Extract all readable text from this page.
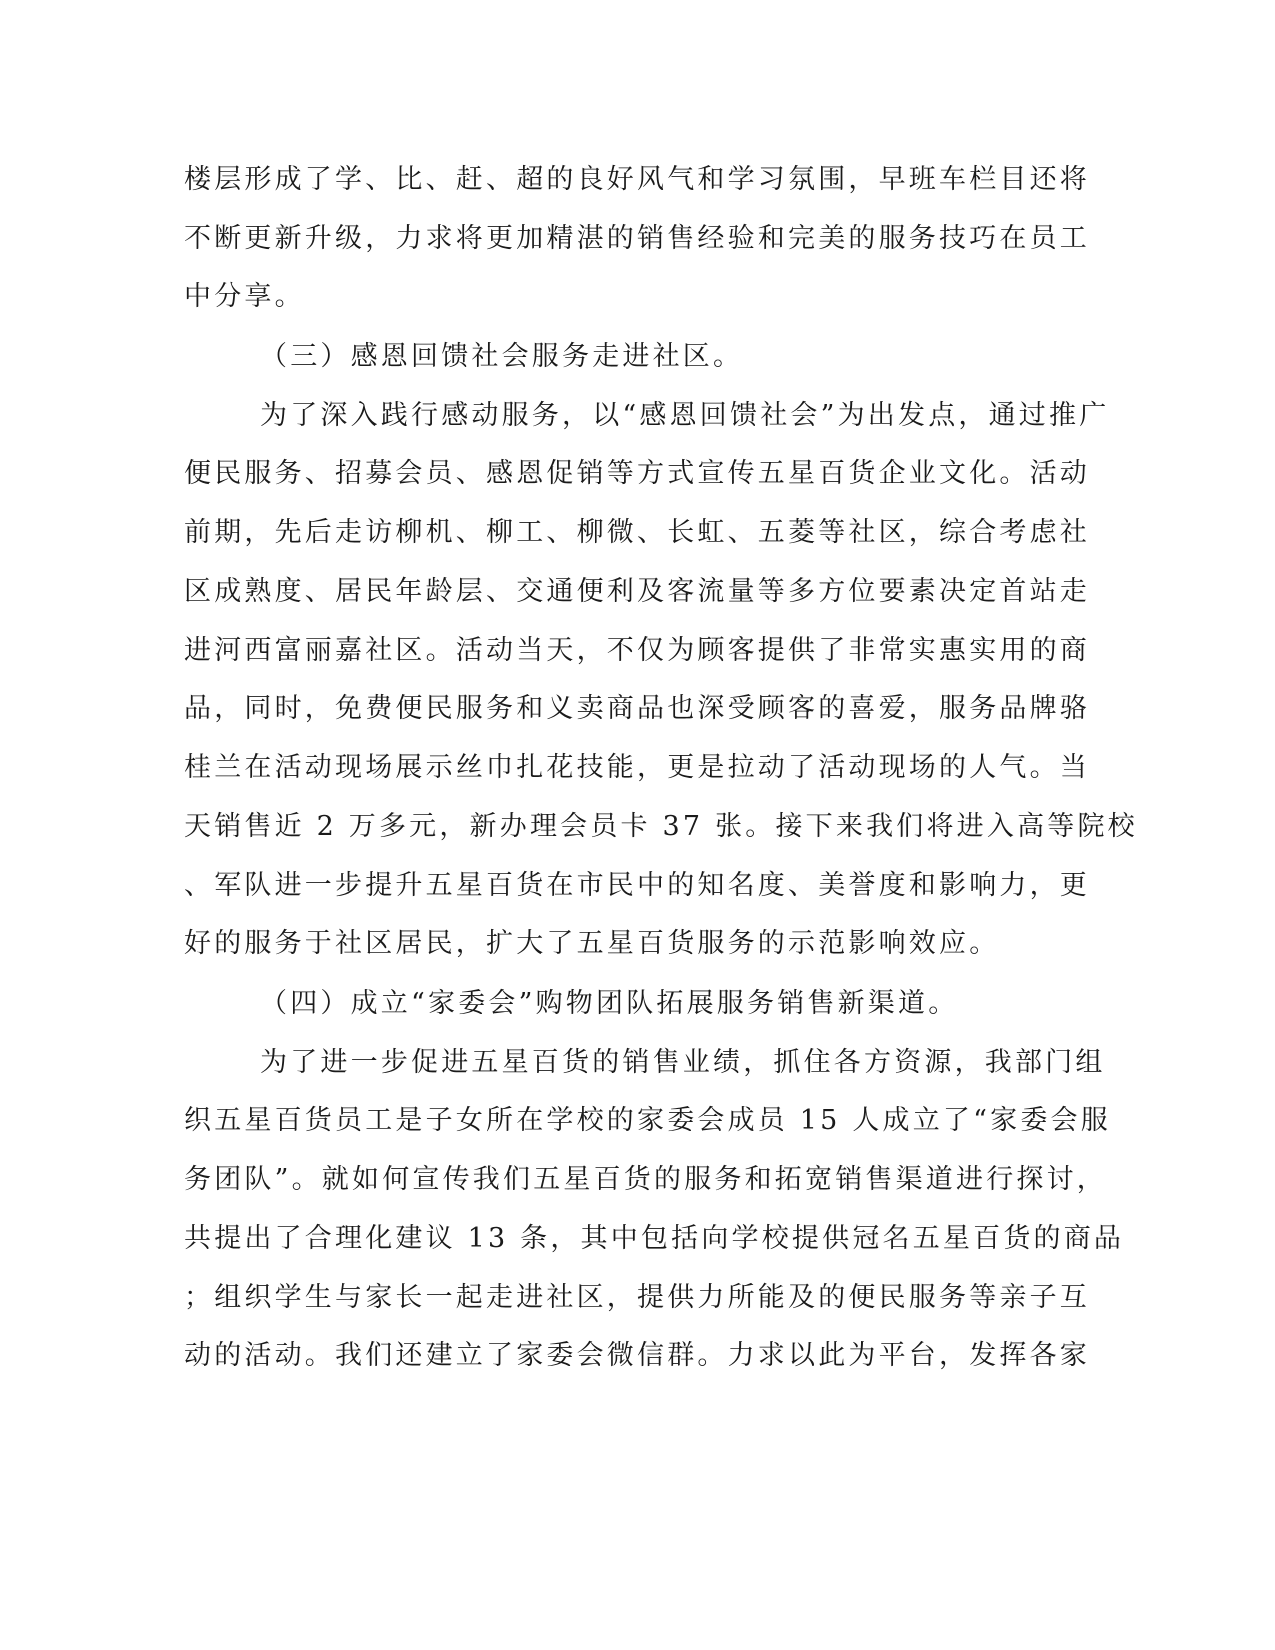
楼层形成了学、比、赶、超的良好风气和学习氛围，早班车栏目还将
不断更新升级，力求将更加精湛的销售经验和完美的服务技巧在员工
中分享。
（三）感恩回馈社会服务走进社区。
为了深入践行感动服务，以“感恩回馈社会”为出发点，通过推广
便民服务、招募会员、感恩促销等方式宣传五星百货企业文化。活动
前期，先后走访柳机、柳工、柳微、长虹、五菱等社区，综合考虑社
区成熟度、居民年龄层、交通便利及客流量等多方位要素决定首站走
进河西富丽嘉社区。活动当天，不仅为顾客提供了非常实惠实用的商
品，同时，免费便民服务和义卖商品也深受顾客的喜爱，服务品牌骆
桂兰在活动现场展示丝巾扎花技能，更是拉动了活动现场的人气。当
天销售近 2 万多元，新办理会员卡 37 张。接下来我们将进入高等院校
、军队进一步提升五星百货在市民中的知名度、美誉度和影响力，更
好的服务于社区居民，扩大了五星百货服务的示范影响效应。
（四）成立“家委会”购物团队拓展服务销售新渠道。
为了进一步促进五星百货的销售业绩，抓住各方资源，我部门组
织五星百货员工是子女所在学校的家委会成员 15 人成立了“家委会服
务团队”。就如何宣传我们五星百货的服务和拓宽销售渠道进行探讨，
共提出了合理化建议 13 条，其中包括向学校提供冠名五星百货的商品
；组织学生与家长一起走进社区，提供力所能及的便民服务等亲子互
动的活动。我们还建立了家委会微信群。力求以此为平台，发挥各家
